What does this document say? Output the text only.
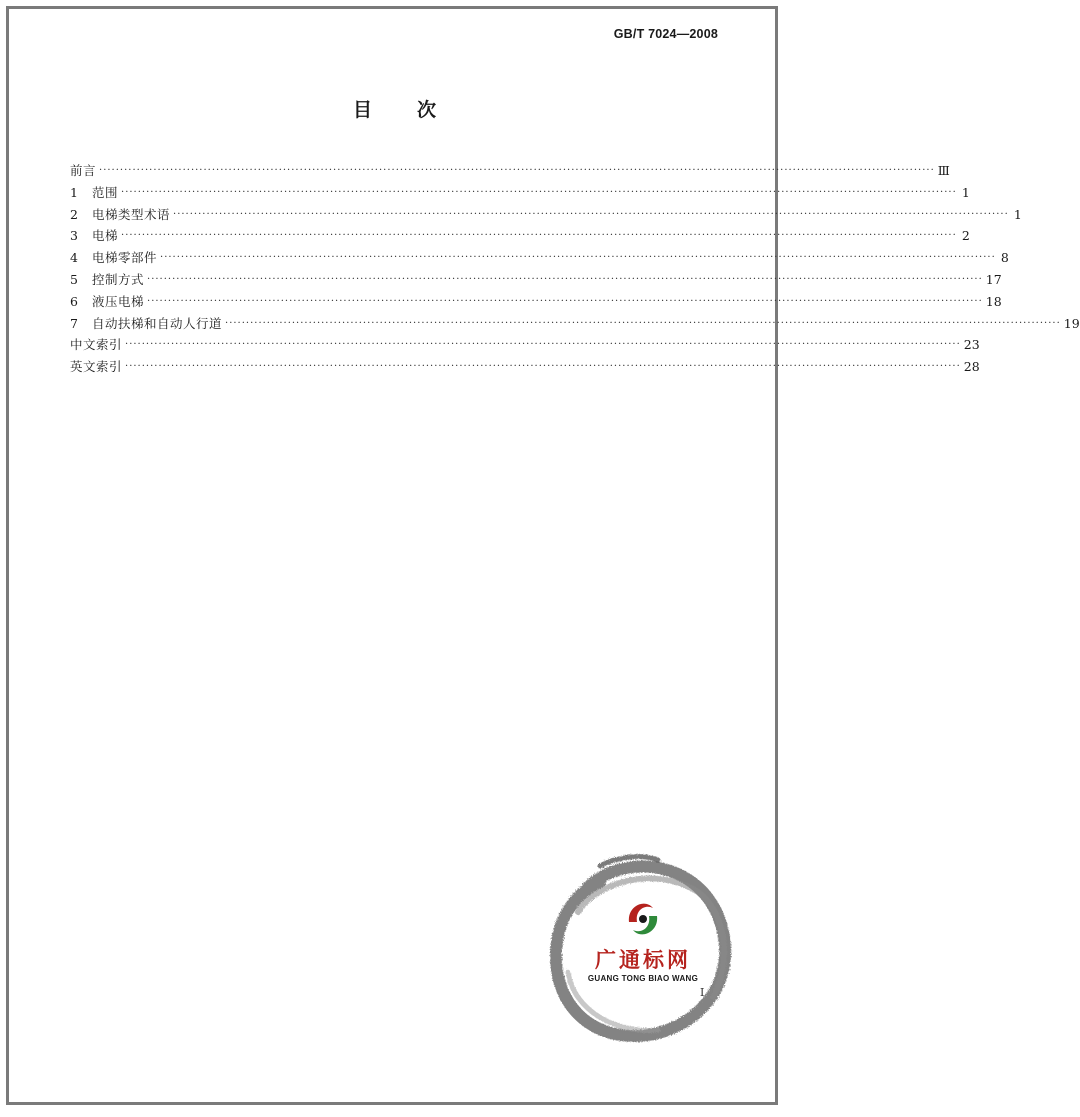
GB/T 7024—2008
目 次
前言 ········································································································································································································ Ⅲ
1	范围 ········································································································································································································ 1
2	电梯类型术语 ········································································································································································································ 1
3	电梯 ········································································································································································································ 2
4	电梯零部件 ········································································································································································································ 8
5	控制方式 ········································································································································································································ 17
6	液压电梯 ········································································································································································································ 18
7	自动扶梯和自动人行道 ········································································································································································································ 19
中文索引 ········································································································································································································ 23
英文索引 ········································································································································································································ 28
广通标网
GUANG TONG BIAO WANG
I
